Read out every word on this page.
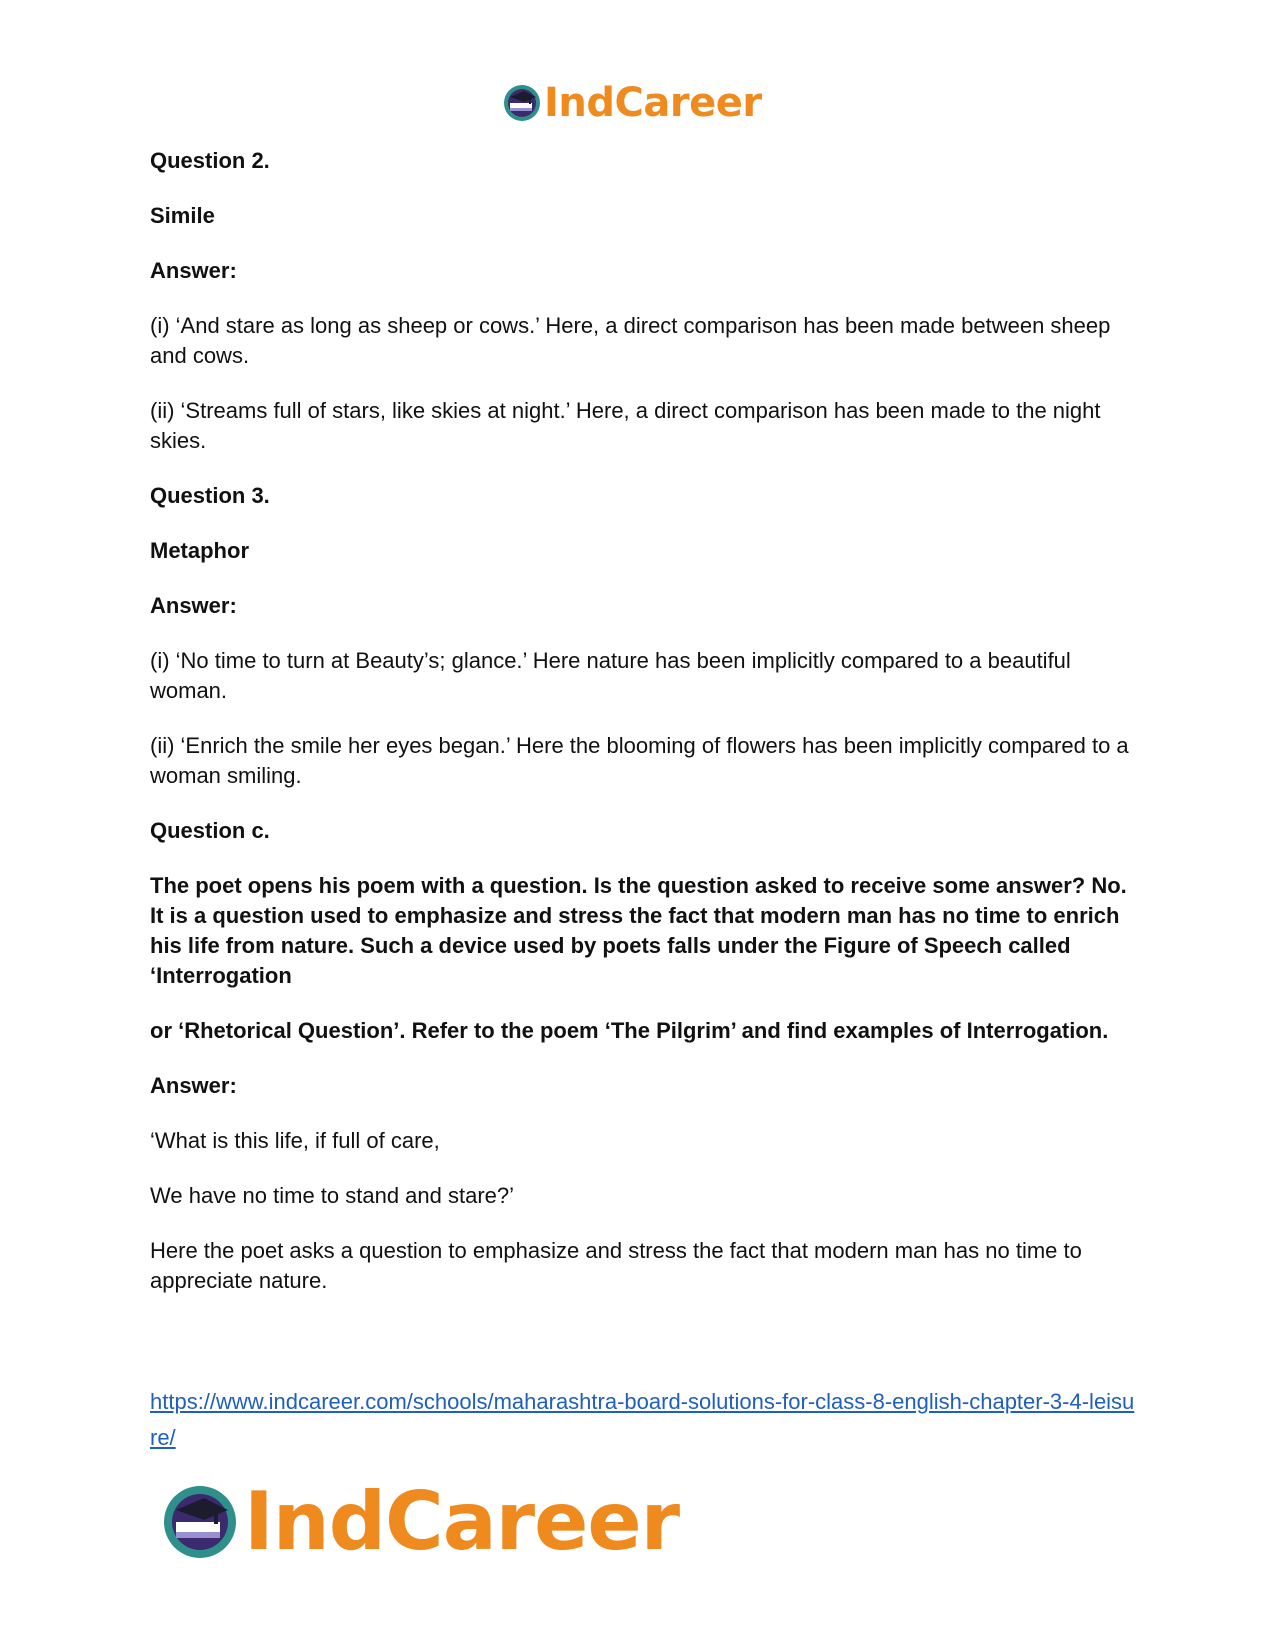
IndCareer

Question 2.

Simile

Answer:

(i) ‘And stare as long as sheep or cows.’ Here, a direct comparison has been made between sheep and cows.

(ii) ‘Streams full of stars, like skies at night.’ Here, a direct comparison has been made to the night skies.

Question 3.

Metaphor

Answer:

(i) ‘No time to turn at Beauty’s; glance.’ Here nature has been implicitly compared to a beautiful woman.

(ii) ‘Enrich the smile her eyes began.’ Here the blooming of flowers has been implicitly compared to a woman smiling.

Question c.

The poet opens his poem with a question. Is the question asked to receive some answer? No. It is a question used to emphasize and stress the fact that modern man has no time to enrich his life from nature. Such a device used by poets falls under the Figure of Speech called ‘Interrogation

or ‘Rhetorical Question’. Refer to the poem ‘The Pilgrim’ and find examples of Interrogation.

Answer:

‘What is this life, if full of care,

We have no time to stand and stare?’

Here the poet asks a question to emphasize and stress the fact that modern man has no time to appreciate nature.

https://www.indcareer.com/schools/maharashtra-board-solutions-for-class-8-english-chapter-3-4-leisure/
IndCareer
